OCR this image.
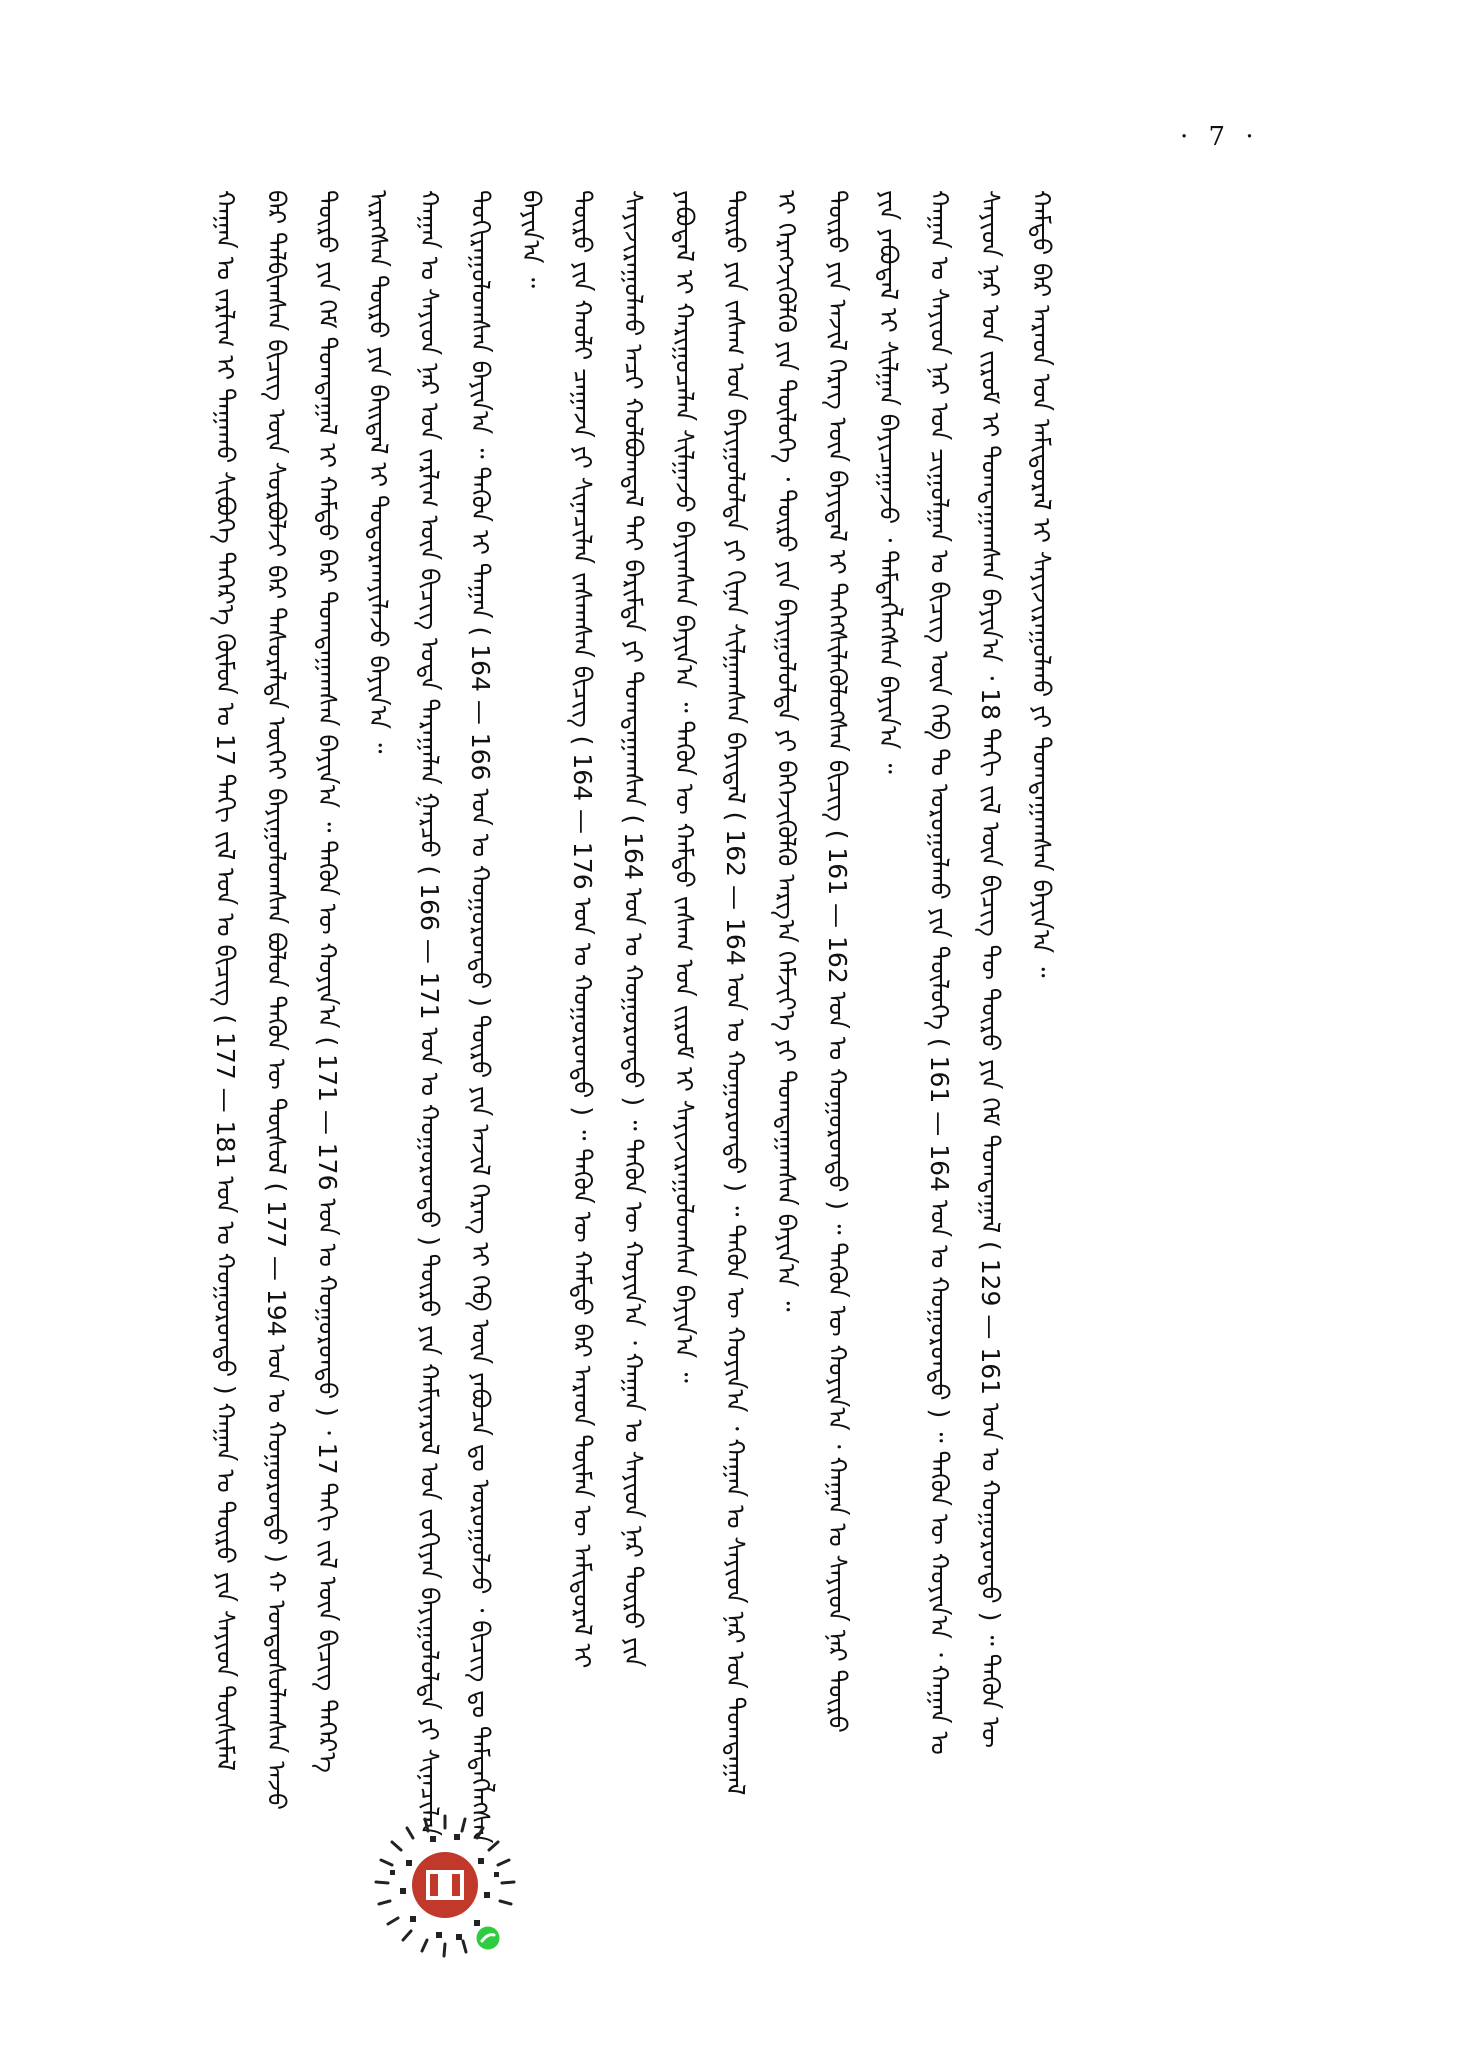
· 7 ·

ᠬᠠᠭᠠᠨ ᠤ ᠵᠠᠷᠯᠢᠭ ᠢ ᠳᠠᠭᠠᠬᠤ ᠰᠢᠪᠦᠭᠡ ᠳᠡᠭᠡᠷ᠎ᠡ ᠬᠦᠮᠦᠨ ᠤ 17 ᠳᠡᠬᠢ ᠵᠢᠯ ᠤᠨ ᠤ ᠪᠢᠴᠢᠭ ( 177 — 181 ᠣᠨ ᠤ ᠬᠣᠭᠣᠷᠣᠨᠳᠣ ) ᠬᠠᠭᠠᠨ ᠤ ᠲᠥᠷᠥ ᠶᠢᠨ ᠰᠠᠶᠢᠳ ᠲᠦᠰᠢᠮᠡᠯ ᠪᠠᠷ ᠲᠠᠯᠪᠢᠭᠰᠠᠨ ᠪᠢᠴᠢᠭ ᠦᠨ ᠰᠤᠷᠪᠤᠯᠵᠢ ᠪᠠᠷ ᠲᠠᠰᠤᠷᠠᠯᠲᠠ ᠦᠭᠡᠢ ᠪᠠᠶᠢᠭᠤᠯᠤᠭᠰᠠᠨ ᠪᠣᠯᠤᠨ ᠲᠡᠭᠦᠨ ᠦ ᠲᠥᠰᠥᠯ ( 177 — 194 ᠣᠨ ᠤ ᠬᠣᠭᠣᠷᠣᠨᠳᠣ ) ᠭ᠋ ᠤᠨᠳᠤᠰᠤᠯᠠᠭᠰᠠᠨ ᠠᠵᠤ ᠲᠥᠷᠥ ᠶᠢᠨ ᠬᠡᠮ ᠲᠣᠭᠲᠠᠭᠠᠯ ᠢ ᠬᠠᠮᠲᠤ ᠪᠠᠷ ᠲᠣᠭᠲᠠᠭᠠᠭᠰᠠᠨ ᠪᠠᠶᠢᠨ᠎ᠠ ᠃ ᠲᠡᠭᠦᠨ ᠦ ᠬᠣᠶᠢᠨ᠎ᠠ ( 171 — 176 ᠣᠨ ᠤ ᠬᠣᠭᠣᠷᠣᠨᠳᠣ ) ᠂ 17 ᠳᠡᠬᠢ ᠵᠢᠯ ᠦᠨ ᠪᠢᠴᠢᠭ ᠳᠡᠭᠡᠷ᠎ᠡ ᠢᠷᠡᠭᠰᠡᠨ ᠲᠥᠷᠥ ᠶᠢᠨ ᠪᠠᠢᠳᠠᠯ ᠢ ᠲᠣᠳᠣᠷᠬᠠᠶᠢᠯᠠᠵᠤ ᠪᠠᠶᠢᠨ᠎ᠠ ᠃ ᠬᠠᠭᠠᠨ ᠤ ᠰᠠᠶᠢᠳ ᠨᠠᠷ ᠤᠨ ᠵᠠᠷᠯᠢᠭ ᠦᠨ ᠪᠢᠴᠢᠭ ᠤᠳᠠ ᠳᠠᠷᠠᠭᠠᠯᠠᠨ ᠭᠠᠷᠴᠤ ( 166 — 171 ᠣᠨ ᠤ ᠬᠣᠭᠣᠷᠣᠨᠳᠣ ) ᠲᠥᠷᠥ ᠶᠢᠨ ᠬᠠᠮᠢᠶᠠᠷᠤᠯ ᠤᠨ ᠵᠣᠬᠢᠶᠠᠨ ᠪᠠᠶᠢᠭᠤᠯᠤᠯᠲᠠ ᠶᠢ ᠰᠢᠨᠡᠴᠢᠯᠡᠨ ᠲᠣᠬᠢᠷᠠᠭᠤᠯᠤᠭᠰᠠᠨ ᠪᠠᠶᠢᠨ᠎ᠠ ᠃ ᠲᠡᠭᠦᠨ ᠢ ᠳᠠᠭᠠᠨ ( 164 — 166 ᠣᠨ ᠤ ᠬᠣᠭᠣᠷᠣᠨᠳᠣ ) ᠲᠥᠷᠥ ᠶᠢᠨ ᠠᠵᠢᠯ ᠬᠡᠷᠡᠭ ᠢ ᠬᠡᠪ ᠦᠨ ᠶᠠᠪᠤᠴᠠ ᠳᠤ ᠣᠷᠤᠭᠤᠯᠵᠤ ᠂ ᠪᠢᠴᠢᠭ ᠳᠤ ᠲᠡᠮᠳᠡᠭᠯᠡᠭᠰᠡᠨ ᠪᠠᠶᠢᠨ᠎ᠠ ᠃ ᠲᠥᠷᠥ ᠶᠢᠨ ᠬᠠᠤᠯᠢ ᠴᠠᠭᠠᠵᠠ ᠶᠢ ᠰᠢᠨᠡᠴᠢᠯᠡᠨ ᠵᠠᠰᠠᠭᠰᠠᠨ ᠪᠢᠴᠢᠭ ( 164 — 176 ᠣᠨ ᠤ ᠬᠣᠭᠣᠷᠣᠨᠳᠣ ) ᠃ ᠲᠡᠭᠦᠨ ᠦ ᠬᠠᠮᠲᠤ ᠪᠠᠷ ᠠᠷᠠᠳ ᠲᠦᠮᠡᠨ ᠦ ᠠᠮᠢᠳᠤᠷᠠᠯ ᠢ ᠰᠠᠶᠢᠵᠢᠷᠠᠭᠤᠯᠬᠤ ᠠᠴᠢ ᠬᠣᠯᠪᠣᠭᠳᠠᠯ ᠲᠠᠢ ᠪᠠᠷᠢᠮᠲᠠ ᠶᠢ ᠲᠣᠭᠲᠠᠭᠠᠭᠰᠠᠨ ( 164 ᠣᠨ ᠤ ᠬᠣᠭᠣᠷᠣᠨᠳᠣ ) ᠃ ᠲᠡᠭᠦᠨ ᠦ ᠬᠣᠶᠢᠨ᠎ᠠ ᠂ ᠬᠠᠭᠠᠨ ᠤ ᠰᠠᠶᠢᠳ ᠨᠠᠷ ᠲᠥᠷᠥ ᠶᠢᠨ ᠶᠠᠪᠤᠳᠠᠯ ᠢ ᠬᠠᠷᠢᠭᠤᠴᠠᠯᠠᠨ ᠰᠢᠯᠭᠠᠵᠤ ᠪᠠᠶᠢᠭᠰᠠᠨ ᠪᠠᠶᠢᠨ᠎ᠠ ᠃ ᠲᠡᠭᠦᠨ ᠦ ᠬᠠᠮᠲᠤ ᠵᠠᠰᠠᠭ ᠤᠨ ᠵᠢᠷᠤᠮ ᠢ ᠰᠠᠶᠢᠵᠢᠷᠠᠭᠤᠯᠤᠭᠰᠠᠨ ᠪᠠᠶᠢᠨ᠎ᠠ ᠃ ᠲᠥᠷᠥ ᠶᠢᠨ ᠵᠠᠰᠠᠭ ᠤᠨ ᠪᠠᠶᠢᠭᠤᠯᠤᠯᠲᠠ ᠶᠢ ᠬᠢᠨᠠᠨ ᠰᠢᠯᠭᠠᠭᠰᠠᠨ ᠪᠠᠶᠢᠳᠠᠯ ( 162 — 164 ᠣᠨ ᠤ ᠬᠣᠭᠣᠷᠣᠨᠳᠣ ) ᠃ ᠲᠡᠭᠦᠨ ᠦ ᠬᠣᠶᠢᠨ᠎ᠠ ᠂ ᠬᠠᠭᠠᠨ ᠤ ᠰᠠᠶᠢᠳ ᠨᠠᠷ ᠤᠨ ᠲᠣᠭᠲᠠᠭᠠᠯ ᠢ ᠬᠡᠷᠡᠭᠵᠢᠭᠦᠯᠬᠦ ᠶᠢᠨ ᠲᠥᠯᠦᠭᠡ ᠂ ᠲᠥᠷᠥ ᠶᠢᠨ ᠪᠠᠶᠢᠭᠤᠯᠤᠯᠲᠠ ᠶᠢ ᠪᠡᠬᠡᠵᠢᠭᠦᠯᠬᠦ ᠠᠷᠭ᠎ᠠ ᠬᠡᠮᠵᠢᠶ᠎ᠡ ᠶᠢ ᠲᠣᠭᠲᠠᠭᠠᠭᠰᠠᠨ ᠪᠠᠶᠢᠨ᠎ᠠ ᠃ ᠲᠥᠷᠥ ᠶᠢᠨ ᠠᠵᠢᠯ ᠬᠡᠷᠡᠭ ᠦᠨ ᠪᠠᠶᠢᠳᠠᠯ ᠢ ᠳᠡᠭᠡᠭᠰᠢᠯᠡᠭᠦᠯᠦᠭᠰᠡᠨ ᠪᠢᠴᠢᠭ ( 161 — 162 ᠣᠨ ᠤ ᠬᠣᠭᠣᠷᠣᠨᠳᠣ ) ᠃ ᠲᠡᠭᠦᠨ ᠦ ᠬᠣᠶᠢᠨ᠎ᠠ ᠂ ᠬᠠᠭᠠᠨ ᠤ ᠰᠠᠶᠢᠳ ᠨᠠᠷ ᠲᠥᠷᠥ ᠶᠢᠨ ᠶᠠᠪᠤᠳᠠᠯ ᠢ ᠰᠢᠯᠭᠠᠨ ᠪᠠᠶᠢᠴᠠᠭᠠᠵᠤ ᠂ ᠲᠡᠮᠳᠡᠭᠯᠡᠭᠰᠡᠨ ᠪᠠᠶᠢᠨ᠎ᠠ ᠃ ᠬᠠᠭᠠᠨ ᠤ ᠰᠠᠶᠢᠳ ᠨᠠᠷ ᠤᠨ ᠴᠢᠭᠤᠯᠭᠠᠨ ᠤ ᠪᠢᠴᠢᠭ ᠦᠨ ᠬᠡᠪ ᠲᠤ ᠤᠷᠤᠭᠤᠯᠬᠤ ᠶᠢᠨ ᠲᠥᠯᠦᠭᠡ ( 161 — 164 ᠣᠨ ᠤ ᠬᠣᠭᠣᠷᠣᠨᠳᠣ ) ᠃ ᠲᠡᠭᠦᠨ ᠦ ᠬᠣᠶᠢᠨ᠎ᠠ ᠂ ᠬᠠᠭᠠᠨ ᠤ ᠰᠠᠶᠢᠳ ᠨᠠᠷ ᠤᠨ ᠵᠢᠷᠤᠮ ᠢ ᠲᠣᠭᠲᠠᠭᠠᠭᠰᠠᠨ ᠪᠠᠶᠢᠨ᠎ᠠ ᠂ 18 ᠳᠡᠬᠢ ᠵᠢᠯ ᠦᠨ ᠪᠢᠴᠢᠭ ᠲᠦ ᠲᠥᠷᠥ ᠶᠢᠨ ᠬᠡᠮ ᠲᠣᠭᠲᠠᠭᠠᠯ ( 129 — 161 ᠣᠨ ᠤ ᠬᠣᠭᠣᠷᠣᠨᠳᠣ ) ᠃ ᠲᠡᠭᠦᠨ ᠦ ᠬᠠᠮᠲᠤ ᠪᠠᠷ ᠠᠷᠠᠳ ᠤᠨ ᠠᠮᠢᠳᠤᠷᠠᠯ ᠢ ᠰᠠᠶᠢᠵᠢᠷᠠᠭᠤᠯᠬᠤ ᠶᠢ ᠲᠣᠭᠲᠠᠭᠠᠭᠰᠠᠨ ᠪᠠᠶᠢᠨ᠎ᠠ ᠃
